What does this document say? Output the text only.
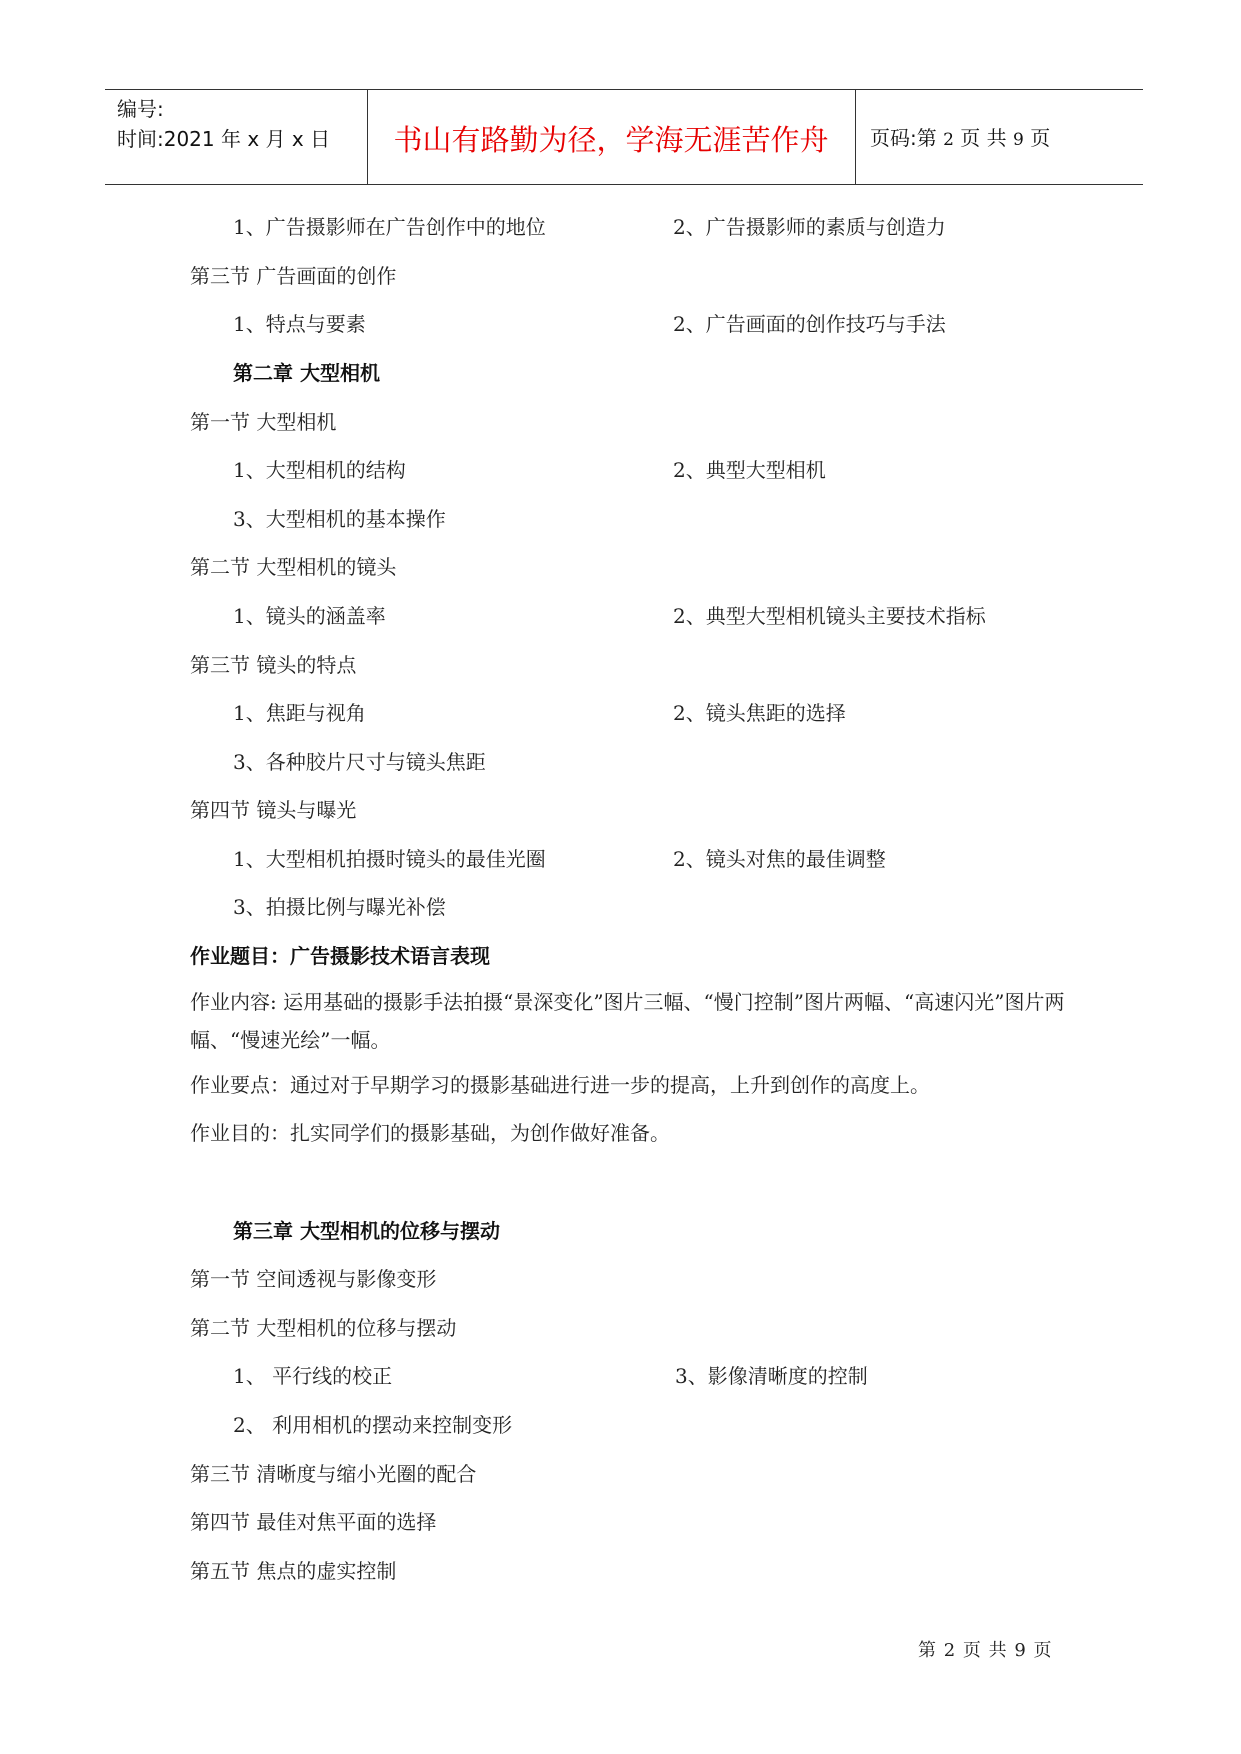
编号:
时间:2021 年 x 月 x 日	书山有路勤为径，学海无涯苦作舟	页码:第 2 页 共 9 页
1、广告摄影师在广告创作中的地位	2、广告摄影师的素质与创造力
第三节 广告画面的创作
1、特点与要素	2、广告画面的创作技巧与手法
第二章 大型相机
第一节 大型相机
1、大型相机的结构	2、典型大型相机
3、大型相机的基本操作
第二节 大型相机的镜头
1、镜头的涵盖率	2、典型大型相机镜头主要技术指标
第三节 镜头的特点
1、焦距与视角	2、镜头焦距的选择
3、各种胶片尺寸与镜头焦距
第四节 镜头与曝光
1、大型相机拍摄时镜头的最佳光圈	2、镜头对焦的最佳调整
3、拍摄比例与曝光补偿
作业题目：广告摄影技术语言表现
作业内容: 运用基础的摄影手法拍摄“景深变化”图片三幅、“慢门控制”图片两幅、“高速闪光”图片两幅、“慢速光绘”一幅。
作业要点：通过对于早期学习的摄影基础进行进一步的提高，上升到创作的高度上。
作业目的：扎实同学们的摄影基础，为创作做好准备。
第三章 大型相机的位移与摆动
第一节 空间透视与影像变形
第二节 大型相机的位移与摆动
1、 平行线的校正	3、影像清晰度的控制
2、 利用相机的摆动来控制变形
第三节 清晰度与缩小光圈的配合
第四节 最佳对焦平面的选择
第五节 焦点的虚实控制
第 2 页 共 9 页
